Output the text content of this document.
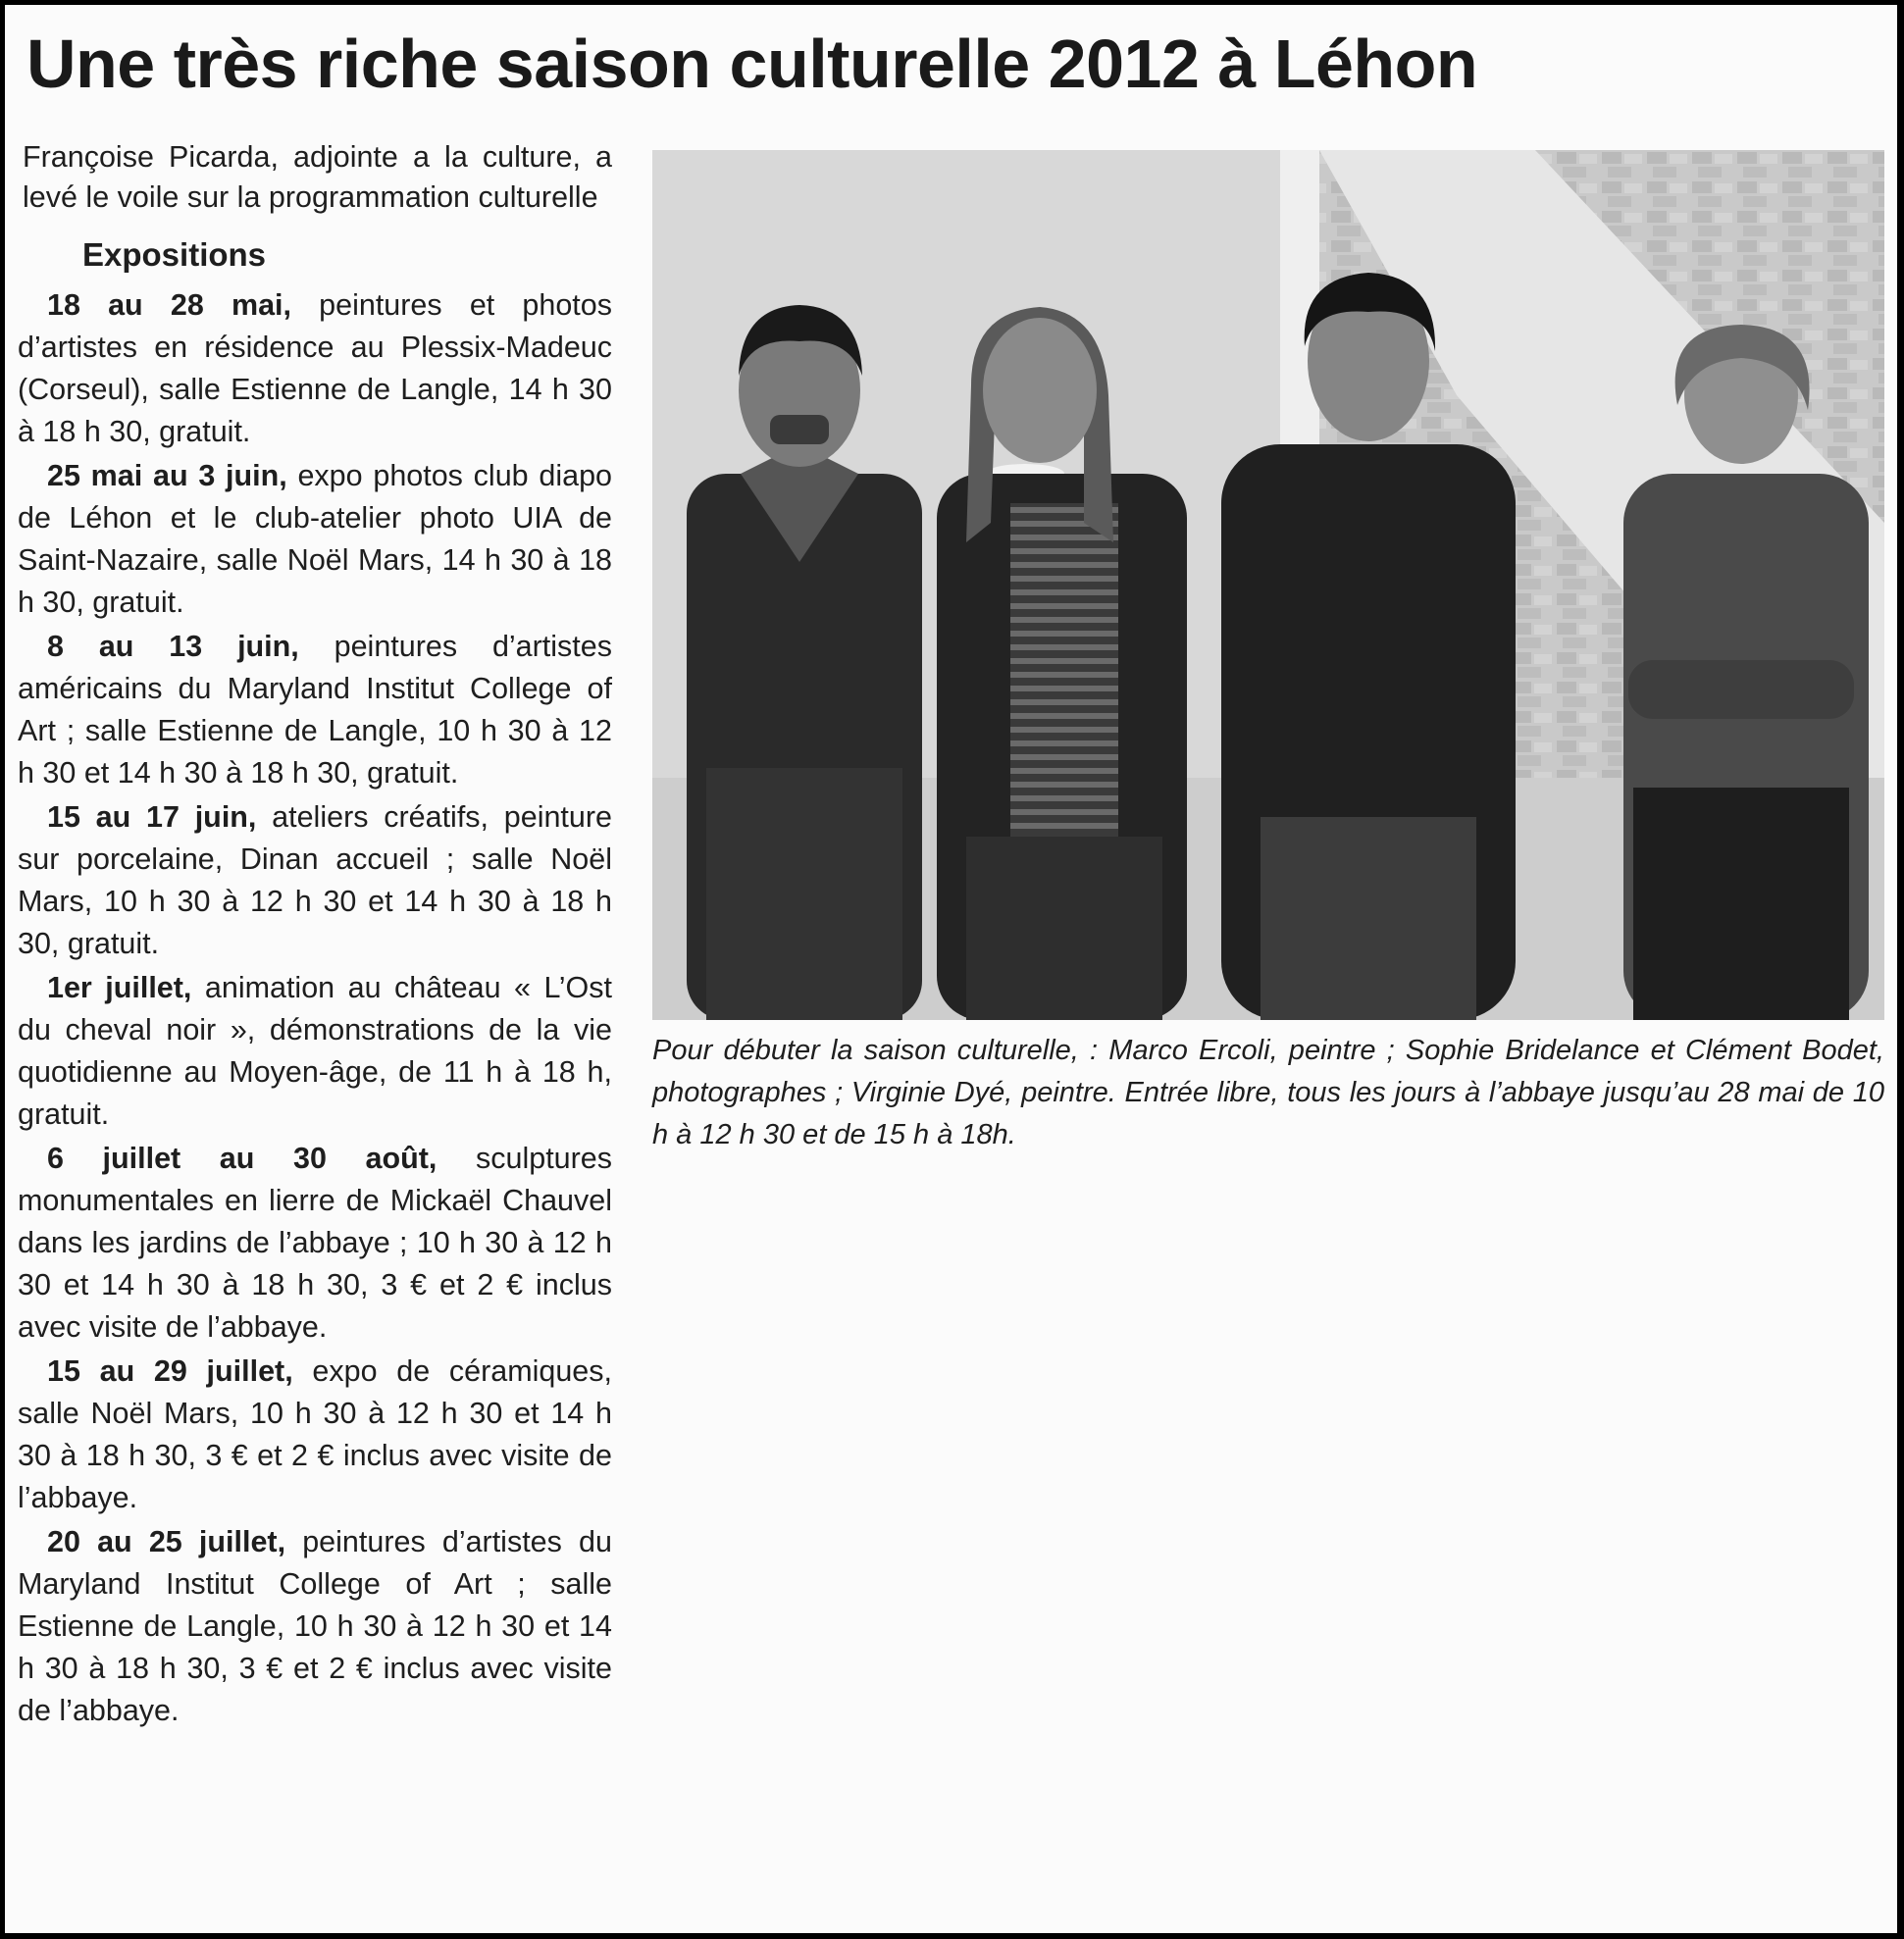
Une très riche saison culturelle 2012 à Léhon

Françoise Picarda, adjointe a la culture, a levé le voile sur la programmation culturelle

Expositions

18 au 28 mai, peintures et photos d’artistes en résidence au Plessix-Madeuc (Corseul), salle Estienne de Langle, 14 h 30 à 18 h 30, gratuit.

25 mai au 3 juin, expo photos club diapo de Léhon et le club-atelier photo UIA de Saint-Nazaire, salle Noël Mars, 14 h 30 à 18 h 30, gratuit.

8 au 13 juin, peintures d’artistes américains du Maryland Institut College of Art ; salle Estienne de Langle, 10 h 30 à 12 h 30 et 14 h 30 à 18 h 30, gratuit.

15 au 17 juin, ateliers créatifs, peinture sur porcelaine, Dinan accueil ; salle Noël Mars, 10 h 30 à 12 h 30 et 14 h 30 à 18 h 30, gratuit.

1er juillet, animation au château « L’Ost du cheval noir », démonstrations de la vie quotidienne au Moyen-âge, de 11 h à 18 h, gratuit.

6 juillet au 30 août, sculptures monumentales en lierre de Mickaël Chauvel dans les jardins de l’abbaye ; 10 h 30 à 12 h 30 et 14 h 30 à 18 h 30, 3 € et 2 € inclus avec visite de l’abbaye.

15 au 29 juillet, expo de céramiques, salle Noël Mars, 10 h 30 à 12 h 30 et 14 h 30 à 18 h 30, 3 € et 2 € inclus avec visite de l’abbaye.

20 au 25 juillet, peintures d’artistes du Maryland Institut College of Art ; salle Estienne de Langle, 10 h 30 à 12 h 30 et 14 h 30 à 18 h 30, 3 € et 2 € inclus avec visite de l’abbaye.

Pour débuter la saison culturelle, : Marco Ercoli, peintre ; Sophie Bridelance et Clément Bodet, photographes ; Virginie Dyé, peintre. Entrée libre, tous les jours à l’abbaye jusqu’au 28 mai de 10 h à 12 h 30 et de 15 h à 18h.
